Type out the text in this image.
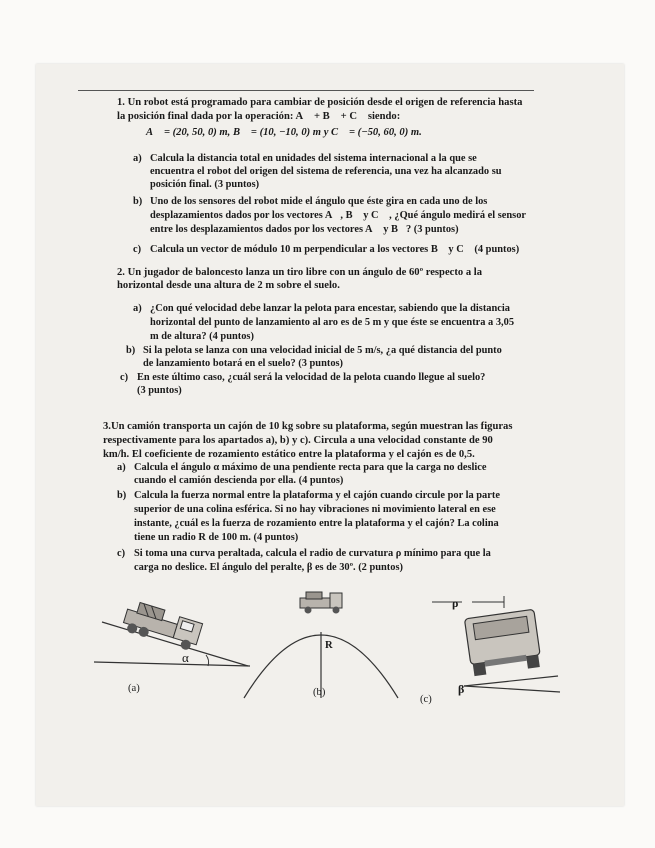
1. Un robot está programado para cambiar de posición desde el origen de referencia hasta
la posición final dada por la operación: A⃗ + B⃗ + C⃗ siendo:
A⃗ = (20, 50, 0) m, B⃗ = (10, −10, 0) m y C⃗ = (−50, 60, 0) m.
a) Calcula la distancia total en unidades del sistema internacional a la que se
encuentra el robot del origen del sistema de referencia, una vez ha alcanzado su
posición final. (3 puntos)
b) Uno de los sensores del robot mide el ángulo que éste gira en cada uno de los
desplazamientos dados por los vectores A⃗, B⃗ y C⃗ , ¿Qué ángulo medirá el sensor
entre los desplazamientos dados por los vectores A⃗ y B⃗? (3 puntos)
c) Calcula un vector de módulo 10 m perpendicular a los vectores B⃗ y C⃗ (4 puntos)
2. Un jugador de baloncesto lanza un tiro libre con un ángulo de 60º respecto a la
horizontal desde una altura de 2 m sobre el suelo.
a) ¿Con qué velocidad debe lanzar la pelota para encestar, sabiendo que la distancia
horizontal del punto de lanzamiento al aro es de 5 m y que éste se encuentra a 3,05
m de altura? (4 puntos)
b) Si la pelota se lanza con una velocidad inicial de 5 m/s, ¿a qué distancia del punto
de lanzamiento botará en el suelo? (3 puntos)
c) En este último caso, ¿cuál será la velocidad de la pelota cuando llegue al suelo?
(3 puntos)
3.Un camión transporta un cajón de 10 kg sobre su plataforma, según muestran las figuras
respectivamente para los apartados a), b) y c). Circula a una velocidad constante de 90
km/h. El coeficiente de rozamiento estático entre la plataforma y el cajón es de 0,5.
a) Calcula el ángulo α máximo de una pendiente recta para que la carga no deslice
cuando el camión descienda por ella. (4 puntos)
b) Calcula la fuerza normal entre la plataforma y el cajón cuando circule por la parte
superior de una colina esférica. Si no hay vibraciones ni movimiento lateral en ese
instante, ¿cuál es la fuerza de rozamiento entre la plataforma y el cajón? La colina
tiene un radio R de 100 m. (4 puntos)
c) Si toma una curva peraltada, calcula el radio de curvatura ρ mínimo para que la
carga no deslice. El ángulo del peralte, β es de 30º. (2 puntos)
α
(a)
R
(b)
ρ
β
(c)
